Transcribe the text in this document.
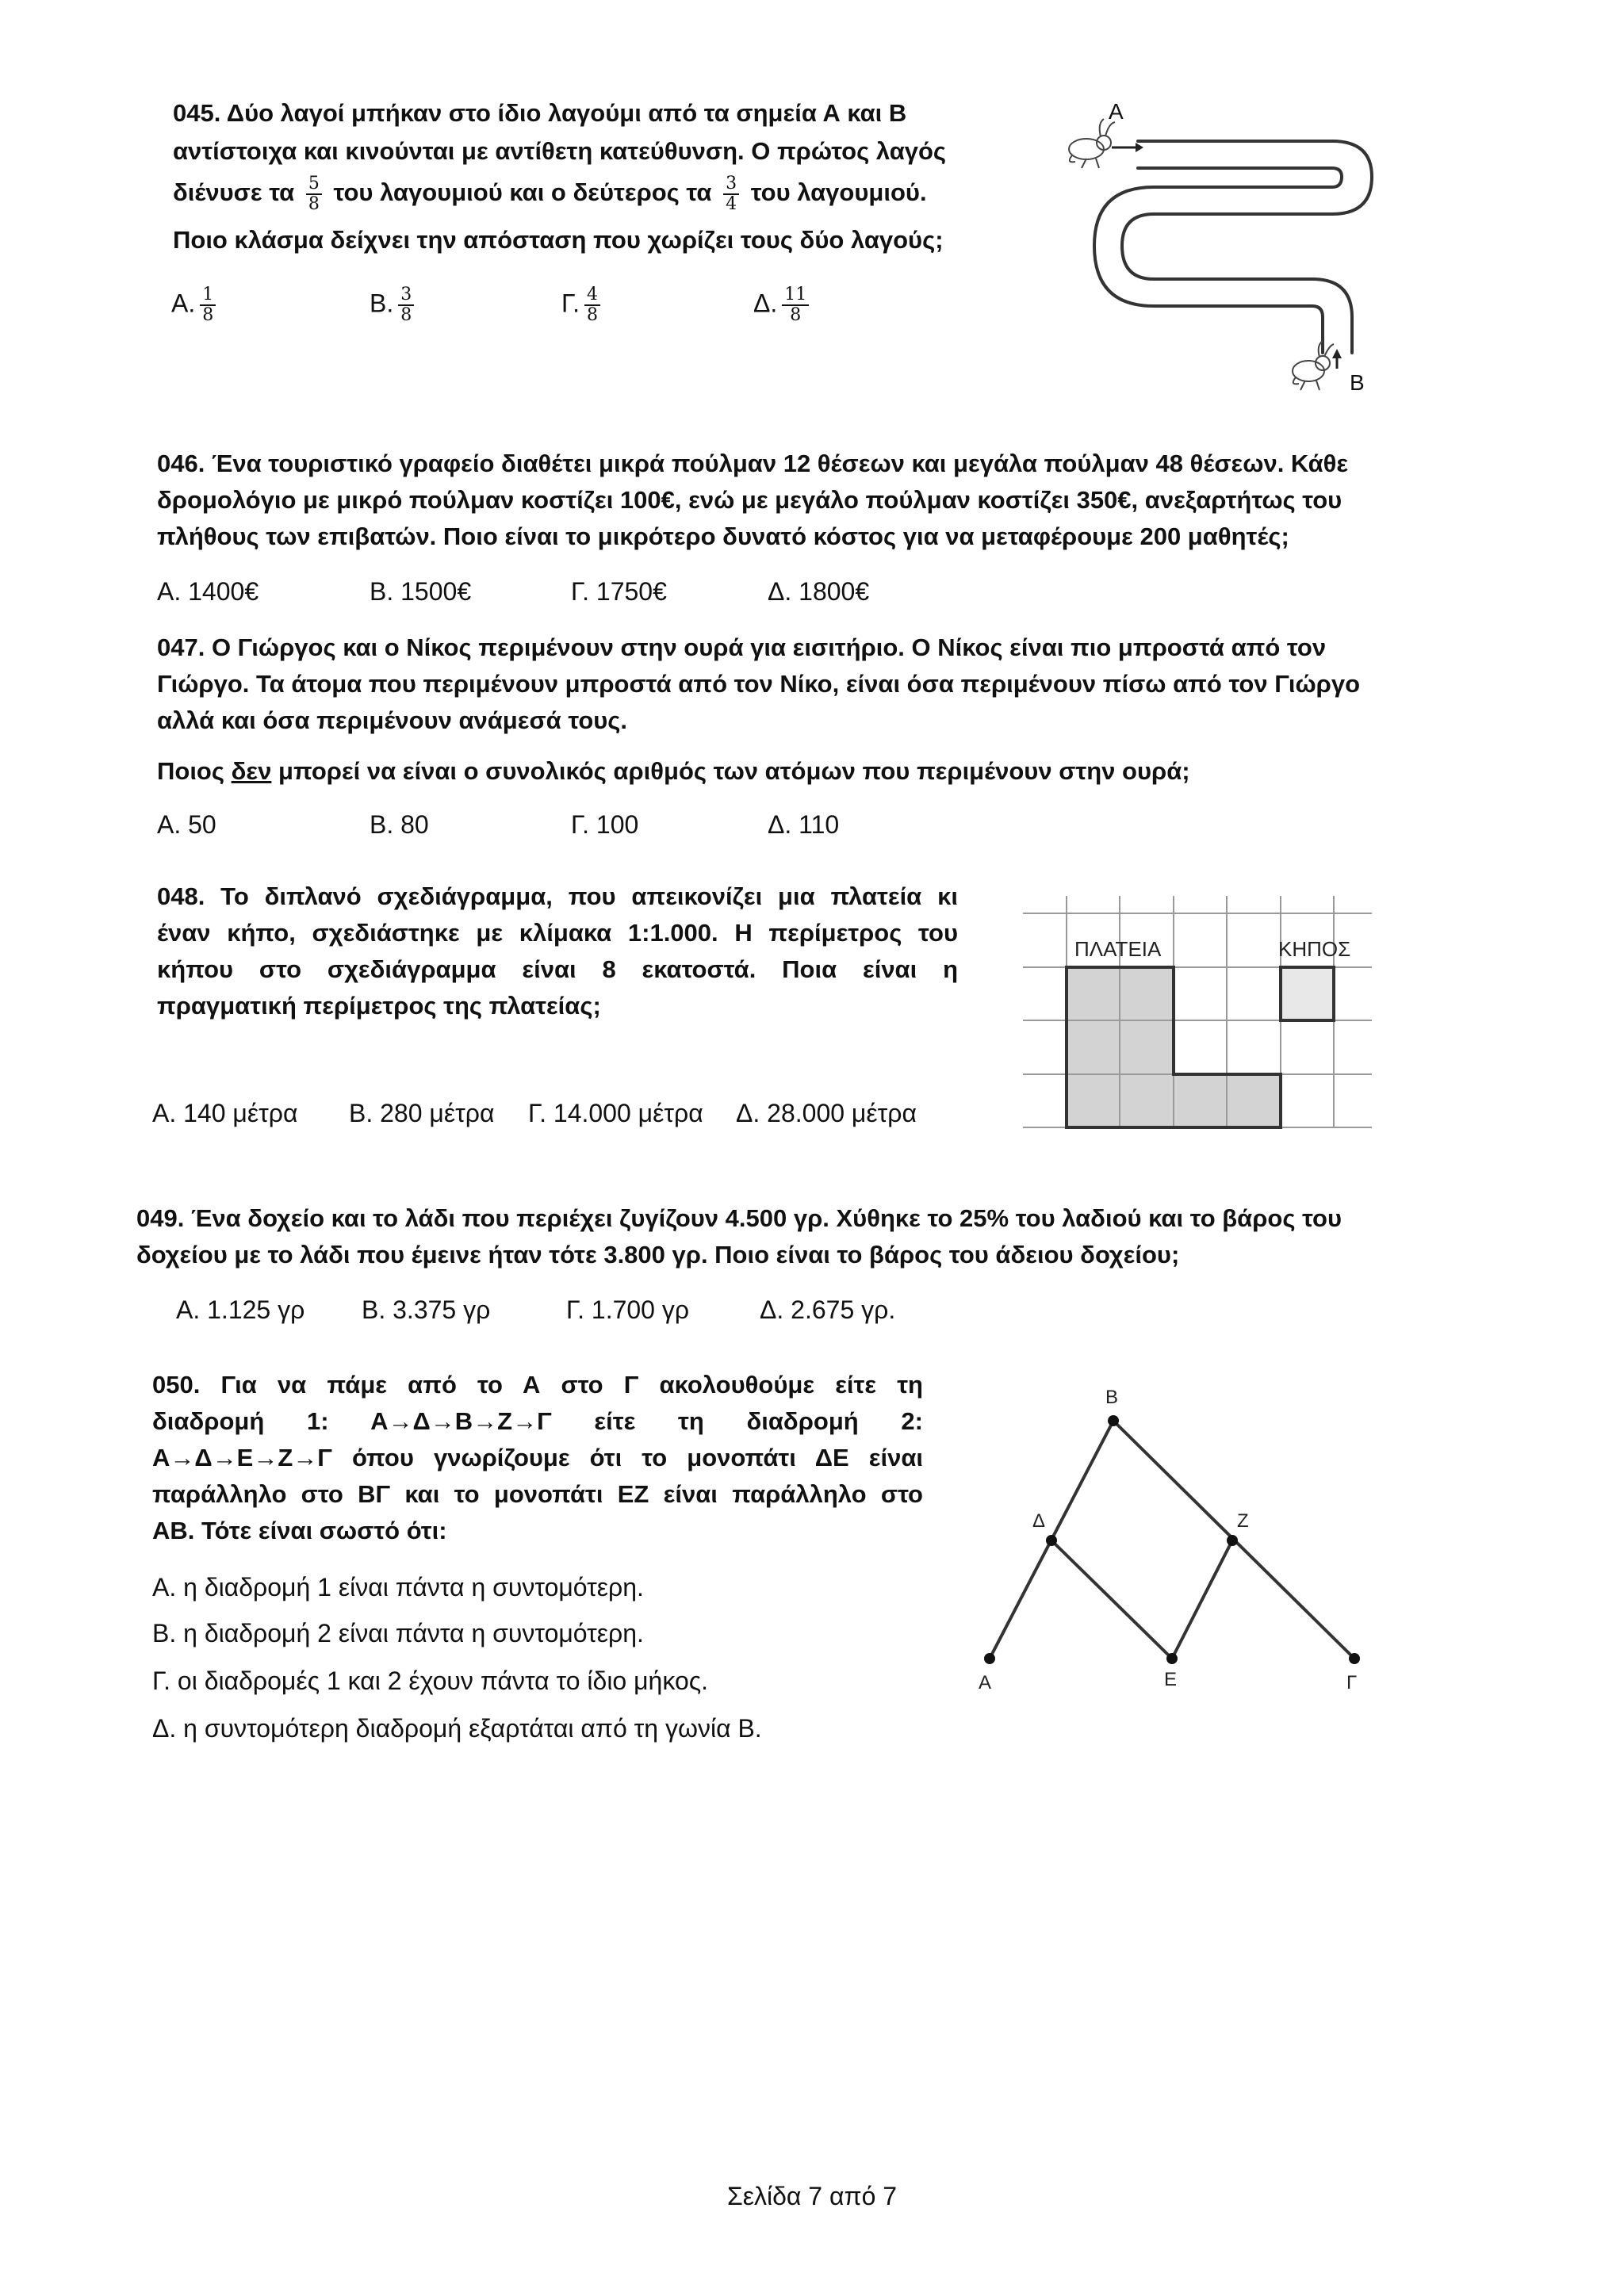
045. Δύο λαγοί μπήκαν στο ίδιο λαγούμι από τα σημεία Α και Β
αντίστοιχα και κινούνται με αντίθετη κατεύθυνση. Ο πρώτος λαγός
διένυσε τα $\frac{5}{8}$ του λαγουμιού και ο δεύτερος τα $\frac{3}{4}$ του λαγουμιού.
Ποιο κλάσμα δείχνει την απόσταση που χωρίζει τους δύο λαγούς;
Α. $\frac{1}{8}$	Β. $\frac{3}{8}$	Γ. $\frac{4}{8}$	Δ. $\frac{11}{8}$
A
B
046. Ένα τουριστικό γραφείο διαθέτει μικρά πούλμαν 12 θέσεων και μεγάλα πούλμαν 48 θέσεων. Κάθε
δρομολόγιο με μικρό πούλμαν κοστίζει 100€, ενώ με μεγάλο πούλμαν κοστίζει 350€, ανεξαρτήτως του
πλήθους των επιβατών. Ποιο είναι το μικρότερο δυνατό κόστος για να μεταφέρουμε 200 μαθητές;
Α. 1400€	Β. 1500€	Γ. 1750€	Δ. 1800€
047. Ο Γιώργος και ο Νίκος περιμένουν στην ουρά για εισιτήριο. Ο Νίκος είναι πιο μπροστά από τον
Γιώργο. Τα άτομα που περιμένουν μπροστά από τον Νίκο, είναι όσα περιμένουν πίσω από τον Γιώργο
αλλά και όσα περιμένουν ανάμεσά τους.
Ποιος δεν μπορεί να είναι ο συνολικός αριθμός των ατόμων που περιμένουν στην ουρά;
Α. 50	Β. 80	Γ. 100	Δ. 110
048. Το διπλανό σχεδιάγραμμα, που απεικονίζει μια πλατεία κι
έναν κήπο, σχεδιάστηκε με κλίμακα 1:1.000. Η περίμετρος του
κήπου στο σχεδιάγραμμα είναι 8 εκατοστά. Ποια είναι η
πραγματική περίμετρος της πλατείας;
Α. 140 μέτρα Β. 280 μέτρα Γ. 14.000 μέτρα Δ. 28.000 μέτρα
ΠΛΑΤΕΙΑ	ΚΗΠΟΣ
049. Ένα δοχείο και το λάδι που περιέχει ζυγίζουν 4.500 γρ. Χύθηκε το 25% του λαδιού και το βάρος του
δοχείου με το λάδι που έμεινε ήταν τότε 3.800 γρ. Ποιο είναι το βάρος του άδειου δοχείου;
Α. 1.125 γρ Β. 3.375 γρ	Γ. 1.700 γρ	Δ. 2.675 γρ.
050. Για να πάμε από το Α στο Γ ακολουθούμε είτε τη
διαδρομή 1: Α→Δ→Β→Ζ→Γ είτε τη διαδρομή 2:
Α→Δ→Ε→Ζ→Γ όπου γνωρίζουμε ότι το μονοπάτι ΔΕ είναι
παράλληλο στο ΒΓ και το μονοπάτι ΕΖ είναι παράλληλο στο
ΑΒ. Τότε είναι σωστό ότι:
Α. η διαδρομή 1 είναι πάντα η συντομότερη.
Β. η διαδρομή 2 είναι πάντα η συντομότερη.
Γ. οι διαδρομές 1 και 2 έχουν πάντα το ίδιο μήκος.
Δ. η συντομότερη διαδρομή εξαρτάται από τη γωνία Β.
Α
Β
Δ	Ζ
Ε	Γ
Σελίδα 7 από 7
